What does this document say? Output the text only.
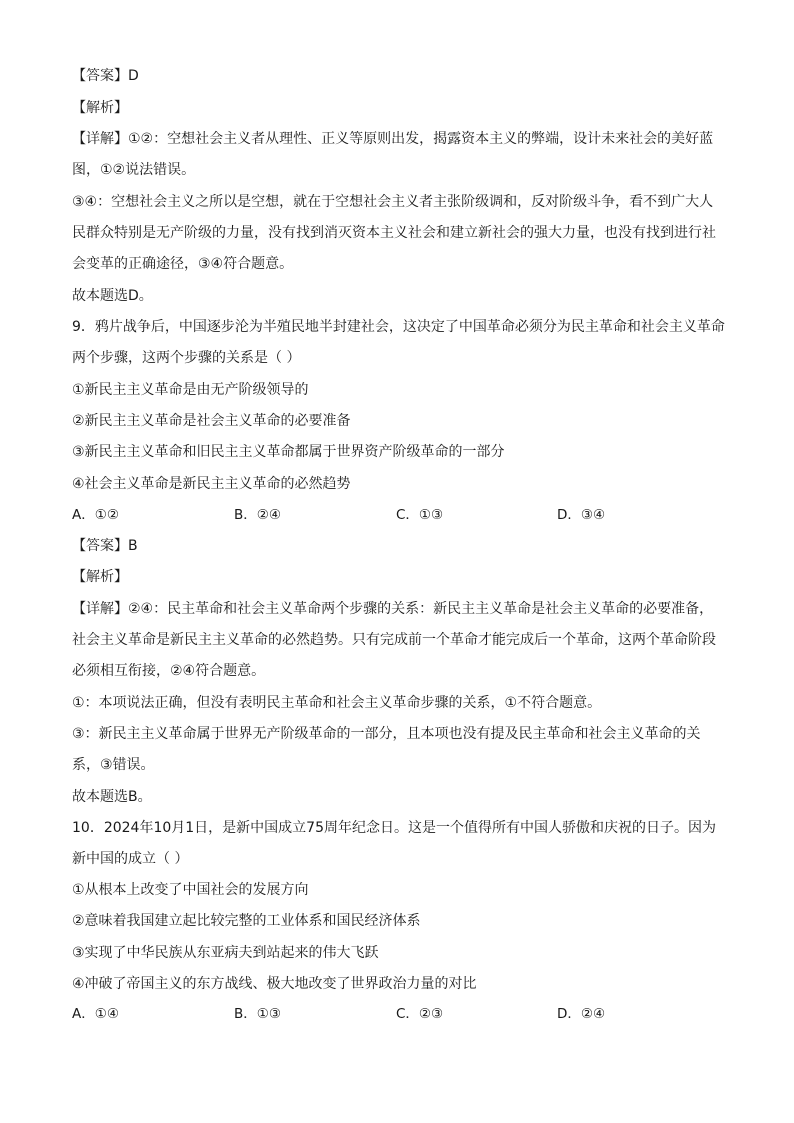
【答案】D
【解析】
【详解】①②：空想社会主义者从理性、正义等原则出发，揭露资本主义的弊端，设计未来社会的美好蓝
图，①②说法错误。
③④：空想社会主义之所以是空想，就在于空想社会主义者主张阶级调和，反对阶级斗争，看不到广大人
民群众特别是无产阶级的力量，没有找到消灭资本主义社会和建立新社会的强大力量，也没有找到进行社
会变革的正确途径，③④符合题意。
故本题选D。
9．鸦片战争后，中国逐步沦为半殖民地半封建社会，这决定了中国革命必须分为民主革命和社会主义革命
两个步骤，这两个步骤的关系是（ ）
①新民主主义革命是由无产阶级领导的
②新民主主义革命是社会主义革命的必要准备
③新民主主义革命和旧民主主义革命都属于世界资产阶级革命的一部分
④社会主义革命是新民主主义革命的必然趋势
A．①②	B．②④	C．①③	D．③④
【答案】B
【解析】
【详解】②④：民主革命和社会主义革命两个步骤的关系：新民主主义革命是社会主义革命的必要准备，
社会主义革命是新民主主义革命的必然趋势。只有完成前一个革命才能完成后一个革命，这两个革命阶段
必须相互衔接，②④符合题意。
①：本项说法正确，但没有表明民主革命和社会主义革命步骤的关系，①不符合题意。
③：新民主主义革命属于世界无产阶级革命的一部分，且本项也没有提及民主革命和社会主义革命的关
系，③错误。
故本题选B。
10．2024年10月1日，是新中国成立75周年纪念日。这是一个值得所有中国人骄傲和庆祝的日子。因为
新中国的成立（ ）
①从根本上改变了中国社会的发展方向
②意味着我国建立起比较完整的工业体系和国民经济体系
③实现了中华民族从东亚病夫到站起来的伟大飞跃
④冲破了帝国主义的东方战线、极大地改变了世界政治力量的对比
A．①④	B．①③	C．②③	D．②④
